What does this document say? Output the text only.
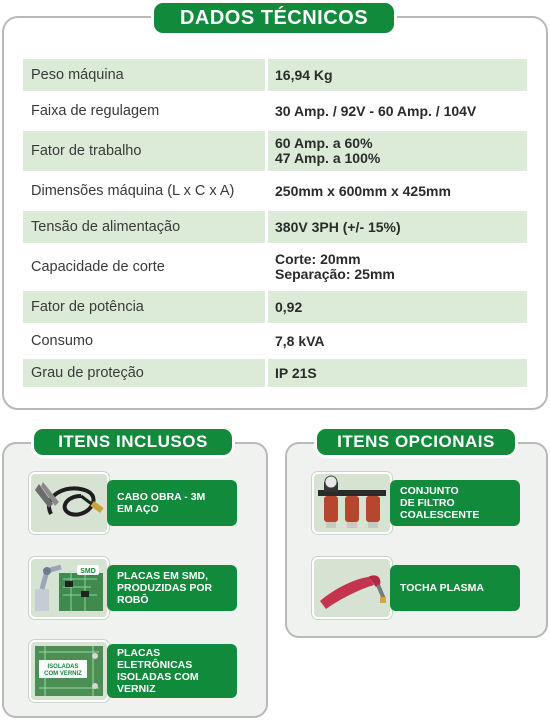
DADOS TÉCNICOS
Peso máquina	16,94 Kg
Faixa de regulagem	30 Amp. / 92V - 60 Amp. / 104V
Fator de trabalho	60 Amp. a 60%
47 Amp. a 100%
Dimensões máquina (L x C x A)	250mm x 600mm x 425mm
Tensão de alimentação	380V 3PH (+/- 15%)
Capacidade de corte	Corte: 20mm
Separação: 25mm
Fator de potência	0,92
Consumo	7,8 kVA
Grau de proteção	IP 21S
ITENS INCLUSOS
CABO OBRA - 3M
EM AÇO
SMD PLACAS EM SMD,
PRODUZIDAS POR
ROBÔ
ISOLADAS
COM VERNIZ
PLACAS
ELETRÔNICAS
ISOLADAS COM
VERNIZ
ITENS OPCIONAIS
CONJUNTO
DE FILTRO
COALESCENTE
TOCHA PLASMA
